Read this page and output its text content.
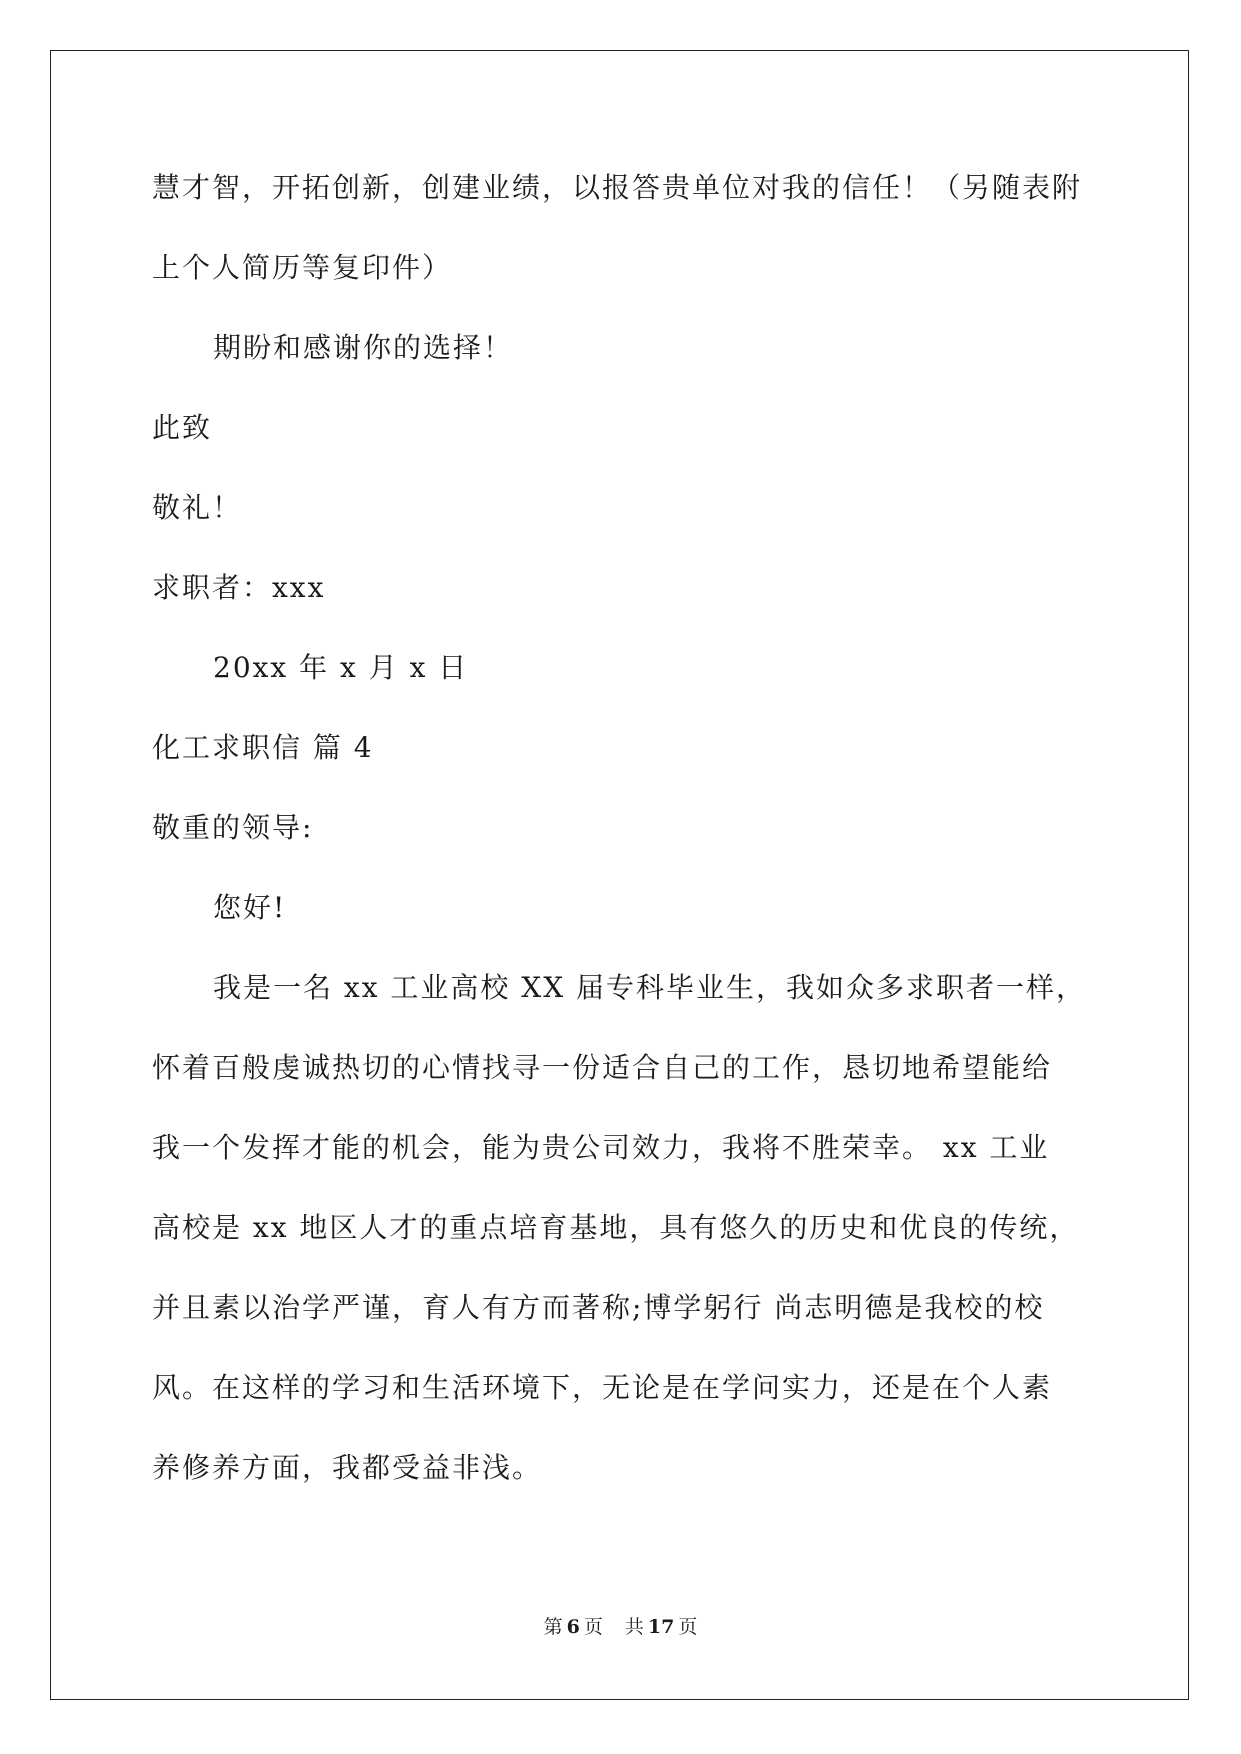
慧才智，开拓创新，创建业绩，以报答贵单位对我的信任！（另随表附
上个人简历等复印件）
期盼和感谢你的选择！
此致
敬礼！
求职者：xxx
20xx 年 x 月 x 日
化工求职信 篇 4
敬重的领导:
您好!
我是一名 xx 工业高校 XX 届专科毕业生，我如众多求职者一样，
怀着百般虔诚热切的心情找寻一份适合自己的工作，恳切地希望能给
我一个发挥才能的机会，能为贵公司效力，我将不胜荣幸。 xx 工业
高校是 xx 地区人才的重点培育基地，具有悠久的历史和优良的传统，
并且素以治学严谨，育人有方而著称;博学躬行 尚志明德是我校的校
风。在这样的学习和生活环境下，无论是在学问实力，还是在个人素
养修养方面，我都受益非浅。
第 6 页 共 17 页
